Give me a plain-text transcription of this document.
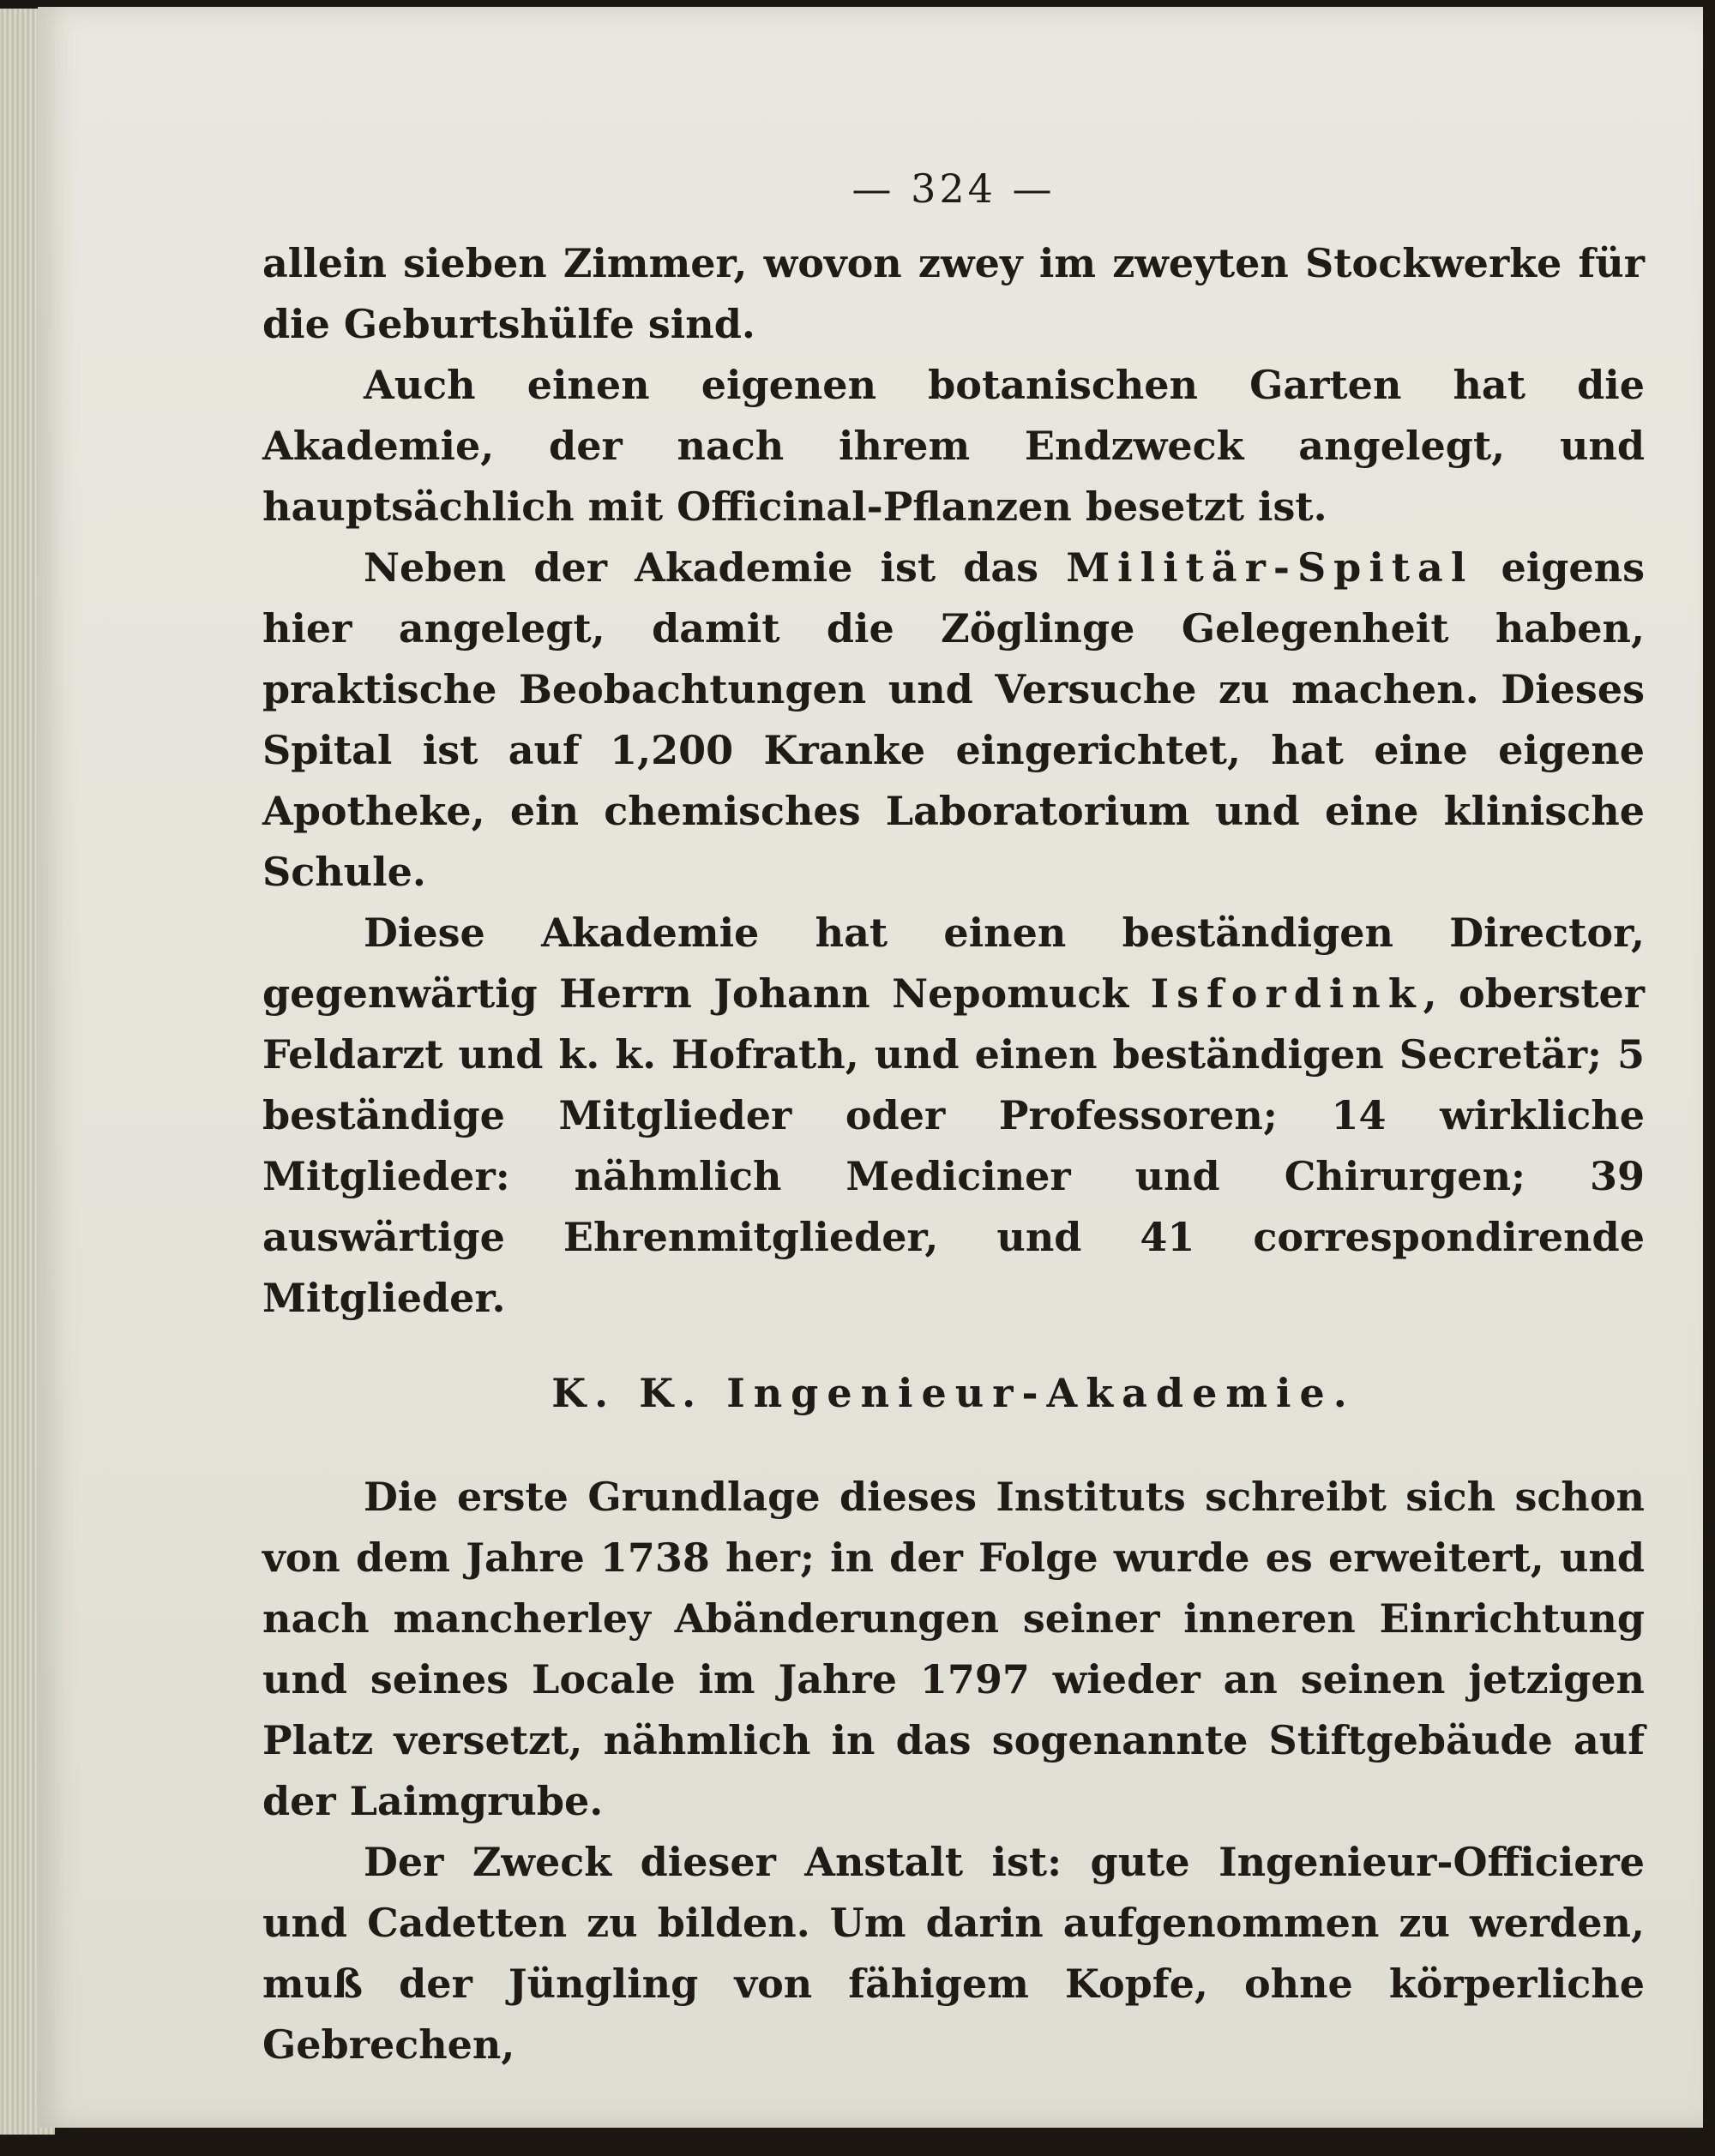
— 324 —

allein sieben Zimmer, wovon zwey im zweyten Stockwerke für die Geburtshülfe sind.

Auch einen eigenen botanischen Garten hat die Akademie, der nach ihrem Endzweck angelegt, und hauptsächlich mit Officinal-Pflanzen besetzt ist.

Neben der Akademie ist das Militär-Spital eigens hier angelegt, damit die Zöglinge Gelegenheit haben, praktische Beobachtungen und Versuche zu machen. Dieses Spital ist auf 1,200 Kranke eingerichtet, hat eine eigene Apotheke, ein chemisches Laboratorium und eine klinische Schule.

Diese Akademie hat einen beständigen Director, gegenwärtig Herrn Johann Nepomuck Isfordink, oberster Feldarzt und k. k. Hofrath, und einen beständigen Secretär; 5 beständige Mitglieder oder Professoren; 14 wirkliche Mitglieder: nähmlich Mediciner und Chirurgen; 39 auswärtige Ehrenmitglieder, und 41 correspondirende Mitglieder.

K. K. Ingenieur-Akademie.

Die erste Grundlage dieses Instituts schreibt sich schon von dem Jahre 1738 her; in der Folge wurde es erweitert, und nach mancherley Abänderungen seiner inneren Einrichtung und seines Locale im Jahre 1797 wieder an seinen jetzigen Platz versetzt, nähmlich in das sogenannte Stiftgebäude auf der Laimgrube.

Der Zweck dieser Anstalt ist: gute Ingenieur-Officiere und Cadetten zu bilden. Um darin aufgenommen zu werden, muß der Jüngling von fähigem Kopfe, ohne körperliche Gebrechen,
